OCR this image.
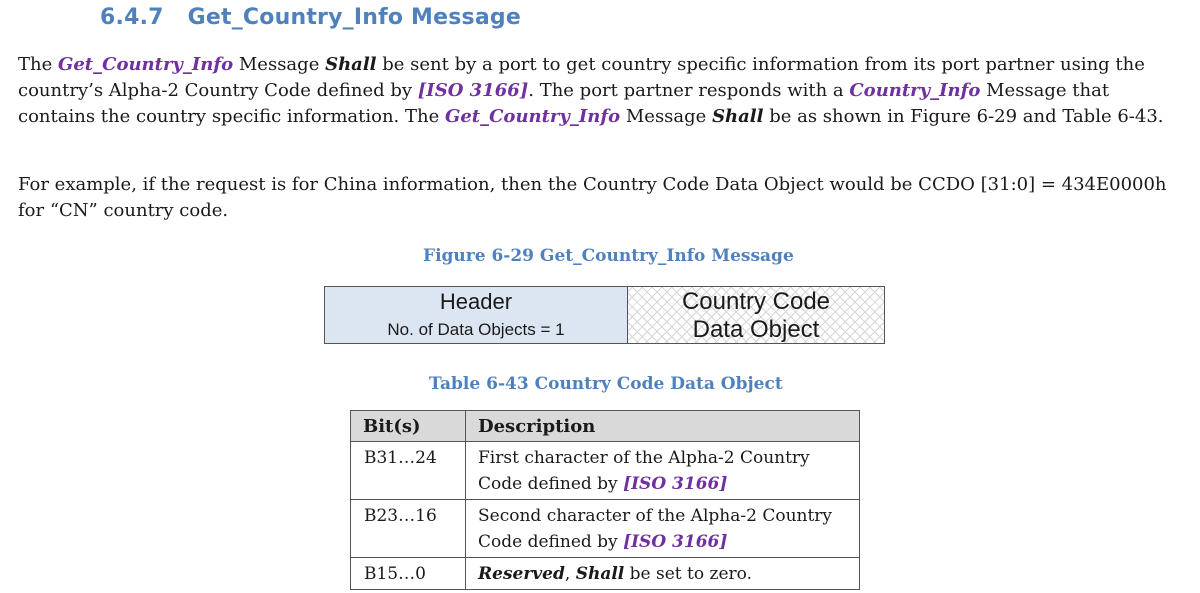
6.4.7 Get_Country_Info Message

The Get_Country_Info Message Shall be sent by a port to get country specific information from its port partner using the country’s Alpha-2 Country Code defined by [ISO 3166]. The port partner responds with a Country_Info Message that contains the country specific information. The Get_Country_Info Message Shall be as shown in Figure 6-29 and Table 6-43.

For example, if the request is for China information, then the Country Code Data Object would be CCDO [31:0] = 434E0000h for “CN” country code.

Figure 6-29 Get_Country_Info Message

Header
No. of Data Objects = 1
Country Code
Data Object

Table 6-43 Country Code Data Object

Bit(s)	Description
B31…24	First character of the Alpha-2 Country Code defined by [ISO 3166]
B23…16	Second character of the Alpha-2 Country Code defined by [ISO 3166]
B15…0	Reserved, Shall be set to zero.
